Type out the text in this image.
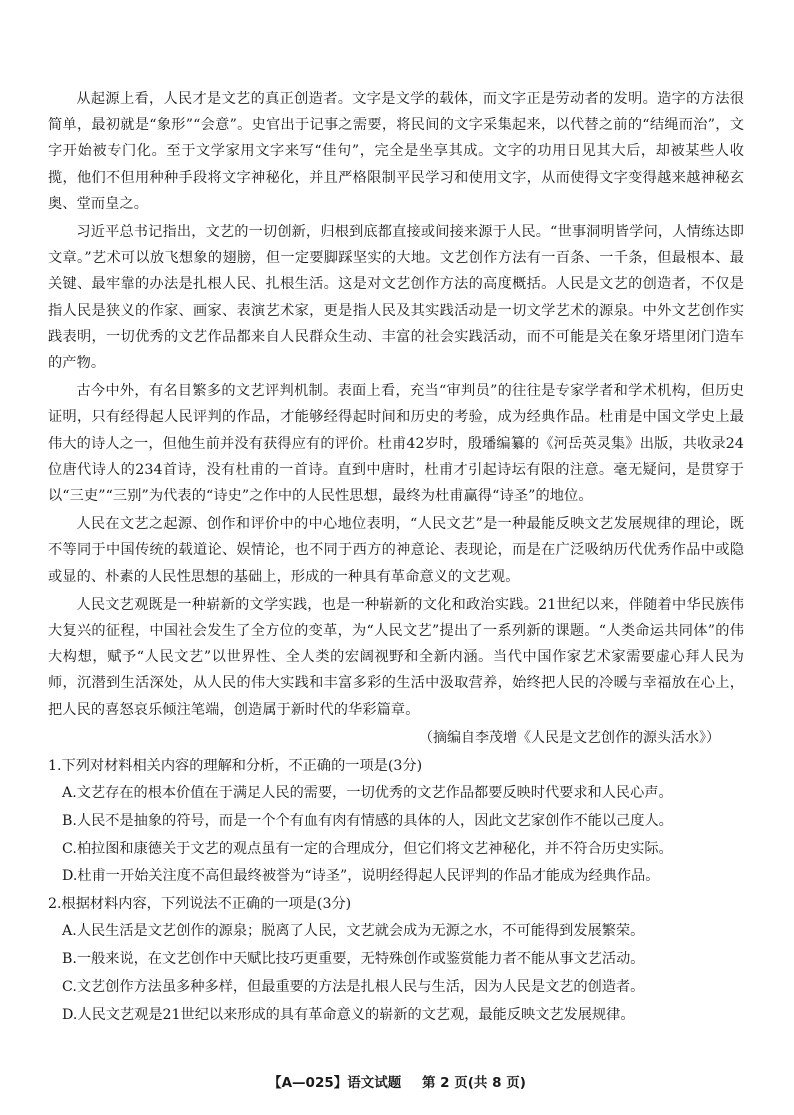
从起源上看，人民才是文艺的真正创造者。文字是文学的载体，而文字正是劳动者的发明。造字的方法很简单，最初就是“象形”“会意”。史官出于记事之需要，将民间的文字采集起来，以代替之前的“结绳而治”，文字开始被专门化。至于文学家用文字来写“佳句”，完全是坐享其成。文字的功用日见其大后，却被某些人收揽，他们不但用种种手段将文字神秘化，并且严格限制平民学习和使用文字，从而使得文字变得越来越神秘玄奥、堂而皇之。

习近平总书记指出，文艺的一切创新，归根到底都直接或间接来源于人民。“世事洞明皆学问，人情练达即文章。”艺术可以放飞想象的翅膀，但一定要脚踩坚实的大地。文艺创作方法有一百条、一千条，但最根本、最关键、最牢靠的办法是扎根人民、扎根生活。这是对文艺创作方法的高度概括。人民是文艺的创造者，不仅是指人民是狭义的作家、画家、表演艺术家，更是指人民及其实践活动是一切文学艺术的源泉。中外文艺创作实践表明，一切优秀的文艺作品都来自人民群众生动、丰富的社会实践活动，而不可能是关在象牙塔里闭门造车的产物。

古今中外，有名目繁多的文艺评判机制。表面上看，充当“审判员”的往往是专家学者和学术机构，但历史证明，只有经得起人民评判的作品，才能够经得起时间和历史的考验，成为经典作品。杜甫是中国文学史上最伟大的诗人之一，但他生前并没有获得应有的评价。杜甫42岁时，殷璠编纂的《河岳英灵集》出版，共收录24位唐代诗人的234首诗，没有杜甫的一首诗。直到中唐时，杜甫才引起诗坛有限的注意。毫无疑问，是贯穿于以“三吏”“三别”为代表的“诗史”之作中的人民性思想，最终为杜甫赢得“诗圣”的地位。

人民在文艺之起源、创作和评价中的中心地位表明，“人民文艺”是一种最能反映文艺发展规律的理论，既不等同于中国传统的载道论、娱情论，也不同于西方的神意论、表现论，而是在广泛吸纳历代优秀作品中或隐或显的、朴素的人民性思想的基础上，形成的一种具有革命意义的文艺观。

人民文艺观既是一种崭新的文学实践，也是一种崭新的文化和政治实践。21世纪以来，伴随着中华民族伟大复兴的征程，中国社会发生了全方位的变革，为“人民文艺”提出了一系列新的课题。“人类命运共同体”的伟大构想，赋予“人民文艺”以世界性、全人类的宏阔视野和全新内涵。当代中国作家艺术家需要虚心拜人民为师，沉潜到生活深处，从人民的伟大实践和丰富多彩的生活中汲取营养，始终把人民的冷暖与幸福放在心上，把人民的喜怒哀乐倾注笔端，创造属于新时代的华彩篇章。

（摘编自李茂增《人民是文艺创作的源头活水》）

1.下列对材料相关内容的理解和分析，不正确的一项是(3分)

A.文艺存在的根本价值在于满足人民的需要，一切优秀的文艺作品都要反映时代要求和人民心声。

B.人民不是抽象的符号，而是一个个有血有肉有情感的具体的人，因此文艺家创作不能以己度人。

C.柏拉图和康德关于文艺的观点虽有一定的合理成分，但它们将文艺神秘化，并不符合历史实际。

D.杜甫一开始关注度不高但最终被誉为“诗圣”，说明经得起人民评判的作品才能成为经典作品。

2.根据材料内容，下列说法不正确的一项是(3分)

A.人民生活是文艺创作的源泉；脱离了人民，文艺就会成为无源之水，不可能得到发展繁荣。

B.一般来说，在文艺创作中天赋比技巧更重要，无特殊创作或鉴赏能力者不能从事文艺活动。

C.文艺创作方法虽多种多样，但最重要的方法是扎根人民与生活，因为人民是文艺的创造者。

D.人民文艺观是21世纪以来形成的具有革命意义的崭新的文艺观，最能反映文艺发展规律。

【A—025】语文试题 第 2 页(共 8 页)
